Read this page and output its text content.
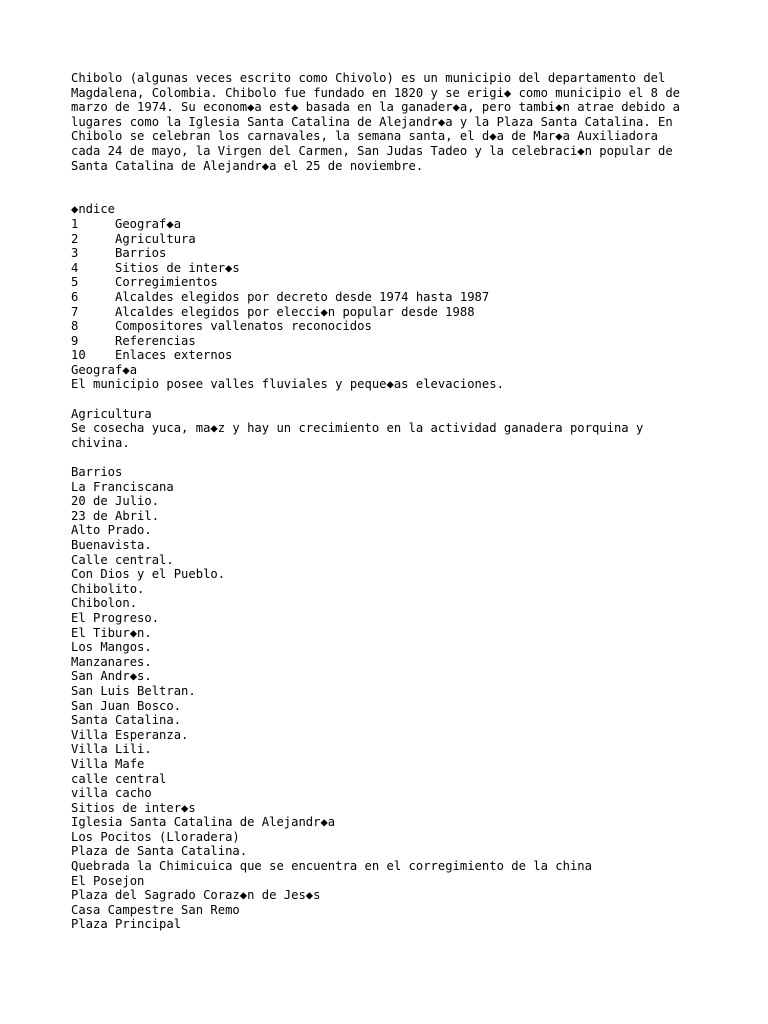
Chibolo (algunas veces escrito como Chivolo) es un municipio del departamento del
Magdalena, Colombia. Chibolo fue fundado en 1820 y se erigi◆ como municipio el 8 de
marzo de 1974. Su econom◆a est◆ basada en la ganader◆a, pero tambi◆n atrae debido a
lugares como la Iglesia Santa Catalina de Alejandr◆a y la Plaza Santa Catalina. En
Chibolo se celebran los carnavales, la semana santa, el d◆a de Mar◆a Auxiliadora
cada 24 de mayo, la Virgen del Carmen, San Judas Tadeo y la celebraci◆n popular de
Santa Catalina de Alejandr◆a el 25 de noviembre.
◆ndice
1	Geograf◆a
2	Agricultura
3	Barrios
4	Sitios de inter◆s
5	Corregimientos
6	Alcaldes elegidos por decreto desde 1974 hasta 1987
7	Alcaldes elegidos por elecci◆n popular desde 1988
8	Compositores vallenatos reconocidos
9	Referencias
10	Enlaces externos
Geograf◆a
El municipio posee valles fluviales y peque◆as elevaciones.
Agricultura
Se cosecha yuca, ma◆z y hay un crecimiento en la actividad ganadera porquina y
chivina.
Barrios
La Franciscana
20 de Julio.
23 de Abril.
Alto Prado.
Buenavista.
Calle central.
Con Dios y el Pueblo.
Chibolito.
Chibolon.
El Progreso.
El Tibur◆n.
Los Mangos.
Manzanares.
San Andr◆s.
San Luis Beltran.
San Juan Bosco.
Santa Catalina.
Villa Esperanza.
Villa Lili.
Villa Mafe
calle central
villa cacho
Sitios de inter◆s
Iglesia Santa Catalina de Alejandr◆a
Los Pocitos (Lloradera)
Plaza de Santa Catalina.
Quebrada la Chimicuica que se encuentra en el corregimiento de la china
El Posejon
Plaza del Sagrado Coraz◆n de Jes◆s
Casa Campestre San Remo
Plaza Principal
